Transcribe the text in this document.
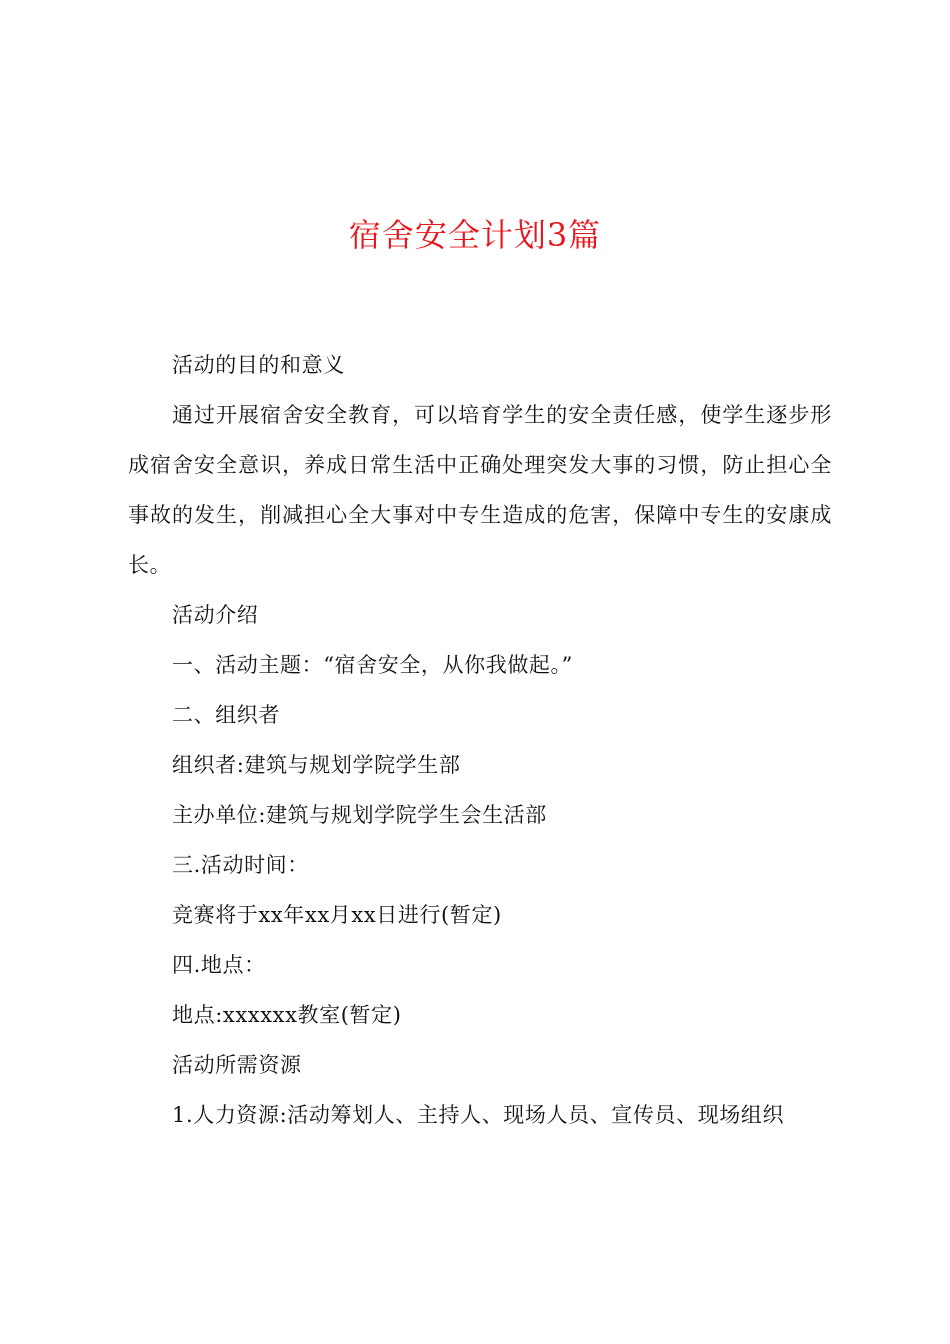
宿舍安全计划3篇

活动的目的和意义

通过开展宿舍安全教育，可以培育学生的安全责任感，使学生逐步形成宿舍安全意识，养成日常生活中正确处理突发大事的习惯，防止担心全事故的发生，削减担心全大事对中专生造成的危害，保障中专生的安康成长。

活动介绍

一、活动主题：“宿舍安全，从你我做起。”

二、组织者

组织者:建筑与规划学院学生部

主办单位:建筑与规划学院学生会生活部

三.活动时间：

竞赛将于xx年xx月xx日进行(暂定)

四.地点：

地点:xxxxxx教室(暂定)

活动所需资源

1.人力资源:活动筹划人、主持人、现场人员、宣传员、现场组织
